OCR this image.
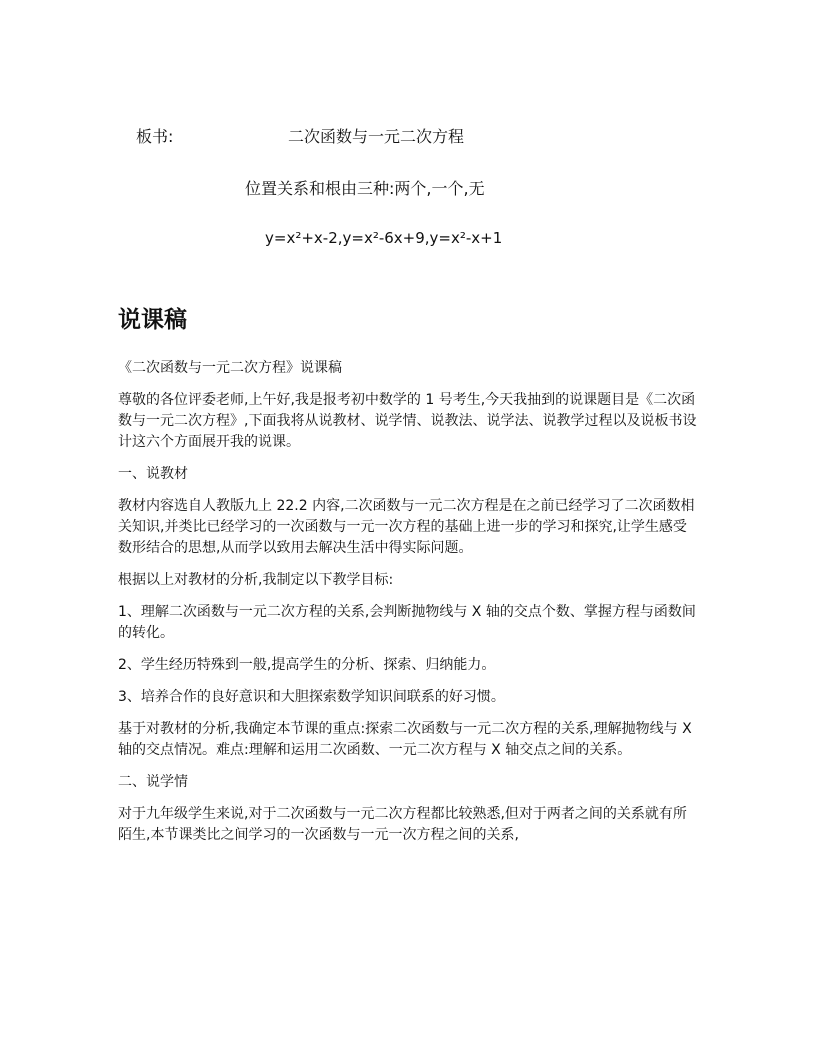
板书:	二次函数与一元二次方程
位置关系和根由三种:两个,一个,无
y=x²+x-2,y=x²-6x+9,y=x²-x+1
说课稿

《二次函数与一元二次方程》说课稿

尊敬的各位评委老师,上午好,我是报考初中数学的 1 号考生,今天我抽到的说课题目是《二次函数与一元二次方程》,下面我将从说教材、说学情、说教法、说学法、说教学过程以及说板书设计这六个方面展开我的说课。

一、说教材

教材内容选自人教版九上 22.2 内容,二次函数与一元二次方程是在之前已经学习了二次函数相关知识,并类比已经学习的一次函数与一元一次方程的基础上进一步的学习和探究,让学生感受数形结合的思想,从而学以致用去解决生活中得实际问题。

根据以上对教材的分析,我制定以下教学目标:

1、理解二次函数与一元二次方程的关系,会判断抛物线与 X 轴的交点个数、掌握方程与函数间的转化。

2、学生经历特殊到一般,提高学生的分析、探索、归纳能力。

3、培养合作的良好意识和大胆探索数学知识间联系的好习惯。

基于对教材的分析,我确定本节课的重点:探索二次函数与一元二次方程的关系,理解抛物线与 X 轴的交点情况。难点:理解和运用二次函数、一元二次方程与 X 轴交点之间的关系。

二、说学情

对于九年级学生来说,对于二次函数与一元二次方程都比较熟悉,但对于两者之间的关系就有所陌生,本节课类比之间学习的一次函数与一元一次方程之间的关系,
